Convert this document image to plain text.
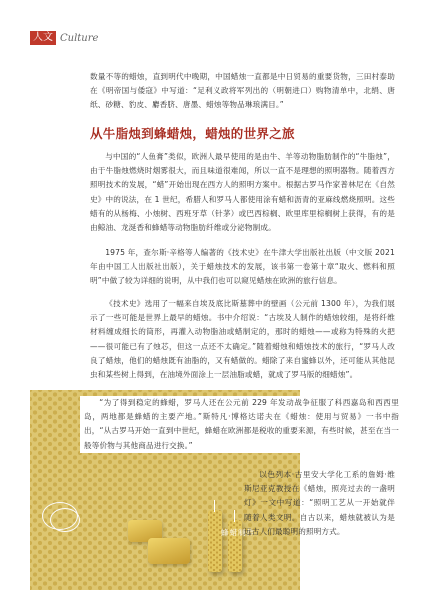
人文 Culture

数量不等的蜡烛，直到明代中晚期，中国蜡烛一直都是中日贸易的重要货物，三田村泰助在《明帝国与倭寇》中写道：“足利义政将军列出的（明朝进口）购物清单中，北绢、唐纸、砂糖、豹皮、麝香脐、唐墨、蜡烛等物品琳琅满目。”

从牛脂烛到蜂蜡烛，蜡烛的世界之旅

与中国的“人鱼膏”类似，欧洲人最早使用的是由牛、羊等动物脂肪制作的“牛脂烛”，由于牛脂烛燃烧时烟雾很大，而且味道很难闻，所以一直不是理想的照明器物。随着西方照明技术的发展，“蜡”开始出现在西方人的照明方案中。根据古罗马作家普林尼在《自然史》中的说法，在 1 世纪，希腊人和罗马人都使用涂有蜡和沥青的亚麻线燃烧照明。这些蜡有的从杨梅、小烛树、西班牙草（针茅）或巴西棕榈、欧里库里棕榈树上获得，有的是由鲸油、龙涎香和蜂蜡等动物脂肪纤维或分泌物制成。

1975 年，查尔斯·辛格等人编著的《技术史》在牛津大学出版社出版（中文版 2021 年由中国工人出版社出版），关于蜡烛技术的发展，该书第一卷第十章“取火、燃料和照明”中做了较为详细的说明，从中我们也可以窥见蜡烛在欧洲的旅行信息。

《技术史》选用了一幅来自埃及底比斯墓葬中的壁画（公元前 1300 年），为我们展示了一些可能是世界上最早的蜡烛。书中介绍说：“古埃及人制作的蜡烛较细，是将纤维材料缠成细长的筒形，再灌入动物脂油或蜡制定的，那时的蜡烛——或称为特殊的火把——很可能已有了烛芯，但这一点还不太确定。”随着蜡烛和蜡烛技术的旅行，“罗马人改良了蜡烛，他们的蜡烛既有油脂的，又有蜡做的。蜡除了来自蜜蜂以外，还可能从其他昆虫和某些树上得到，在油境外面涂上一层油脂或蜡，就成了罗马版的细蜡烛”。

蜂蜡制作

“为了得到稳定的蜂蜡，罗马人还在公元前 229 年发动战争征服了科西嘉岛和西西里岛，两地都是蜂蜡的主要产地。”斯特凡·博格达诺夫在《蜡烛：使用与贸易》一书中指出，“从古罗马开始一直到中世纪，蜂蜡在欧洲都是税收的重要来源，有些时候，甚至在当一般等价物与其他商品进行交换。”

以色列本·古里安大学化工系的詹姆·维斯尼亚克教授在《蜡烛，照亮过去的一盏明灯》一文中写道：“照明工艺从一开始就伴随着人类文明。自古以来，蜡烛就被认为是远古人们最聪明的照明方式。
